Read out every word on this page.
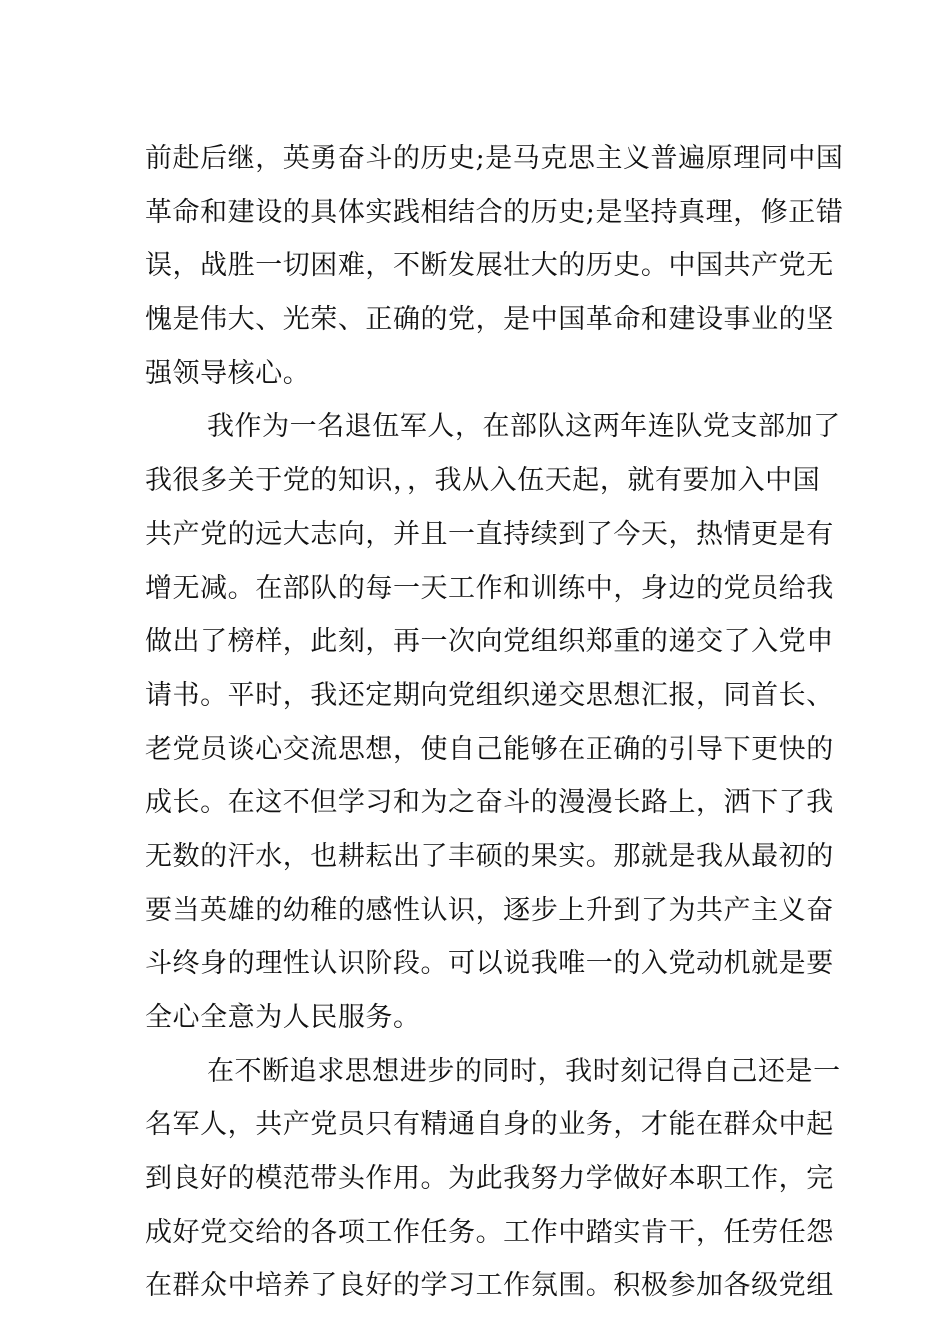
前赴后继，英勇奋斗的历史;是马克思主义普遍原理同中国
革命和建设的具体实践相结合的历史;是坚持真理，修正错
误，战胜一切困难，不断发展壮大的历史。中国共产党无
愧是伟大、光荣、正确的党，是中国革命和建设事业的坚
强领导核心。
我作为一名退伍军人，在部队这两年连队党支部加了
我很多关于党的知识，，我从入伍天起，就有要加入中国
共产党的远大志向，并且一直持续到了今天，热情更是有
增无减。在部队的每一天工作和训练中，身边的党员给我
做出了榜样，此刻，再一次向党组织郑重的递交了入党申
请书。平时，我还定期向党组织递交思想汇报，同首长、
老党员谈心交流思想，使自己能够在正确的引导下更快的
成长。在这不但学习和为之奋斗的漫漫长路上，洒下了我
无数的汗水，也耕耘出了丰硕的果实。那就是我从最初的
要当英雄的幼稚的感性认识，逐步上升到了为共产主义奋
斗终身的理性认识阶段。可以说我唯一的入党动机就是要
全心全意为人民服务。
在不断追求思想进步的同时，我时刻记得自己还是一
名军人，共产党员只有精通自身的业务，才能在群众中起
到良好的模范带头作用。为此我努力学做好本职工作，完
成好党交给的各项工作任务。工作中踏实肯干，任劳任怨
在群众中培养了良好的学习工作氛围。积极参加各级党组
